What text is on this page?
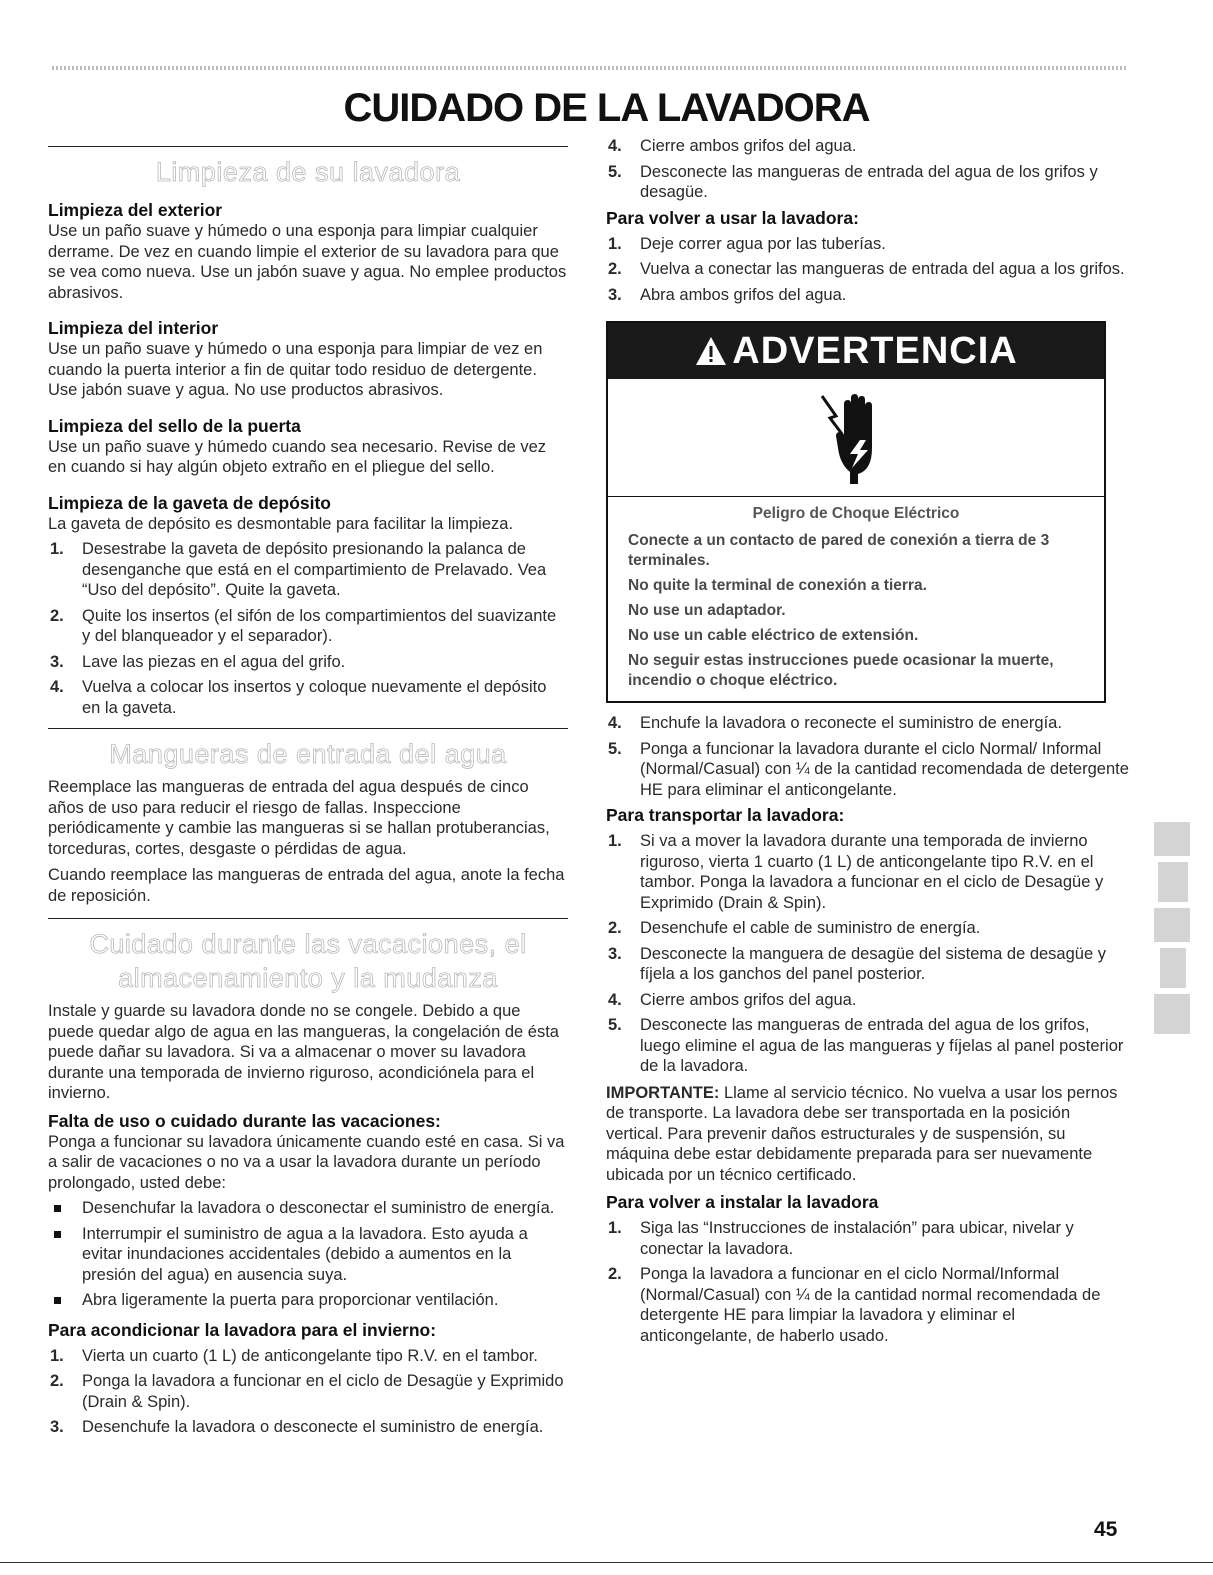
CUIDADO DE LA LAVADORA
Limpieza de su lavadora
Limpieza del exterior

Use un paño suave y húmedo o una esponja para limpiar cualquier derrame. De vez en cuando limpie el exterior de su lavadora para que se vea como nueva. Use un jabón suave y agua. No emplee productos abrasivos.

Limpieza del interior

Use un paño suave y húmedo o una esponja para limpiar de vez en cuando la puerta interior a fin de quitar todo residuo de detergente. Use jabón suave y agua. No use productos abrasivos.

Limpieza del sello de la puerta

Use un paño suave y húmedo cuando sea necesario. Revise de vez en cuando si hay algún objeto extraño en el pliegue del sello.

Limpieza de la gaveta de depósito

La gaveta de depósito es desmontable para facilitar la limpieza.

1. Desestrabe la gaveta de depósito presionando la palanca de desenganche que está en el compartimiento de Prelavado. Vea “Uso del depósito”. Quite la gaveta.
2. Quite los insertos (el sifón de los compartimientos del suavizante y del blanqueador y el separador).
3. Lave las piezas en el agua del grifo.
4. Vuelva a colocar los insertos y coloque nuevamente el depósito en la gaveta.
Mangueras de entrada del agua

Reemplace las mangueras de entrada del agua después de cinco años de uso para reducir el riesgo de fallas. Inspeccione periódicamente y cambie las mangueras si se hallan protuberancias, torceduras, cortes, desgaste o pérdidas de agua.

Cuando reemplace las mangueras de entrada del agua, anote la fecha de reposición.

Cuidado durante las vacaciones, el
almacenamiento y la mudanza

Instale y guarde su lavadora donde no se congele. Debido a que puede quedar algo de agua en las mangueras, la congelación de ésta puede dañar su lavadora. Si va a almacenar o mover su lavadora durante una temporada de invierno riguroso, acondiciónela para el invierno.

Falta de uso o cuidado durante las vacaciones:

Ponga a funcionar su lavadora únicamente cuando esté en casa. Si va a salir de vacaciones o no va a usar la lavadora durante un período prolongado, usted debe:

Desenchufar la lavadora o desconectar el suministro de energía.
Interrumpir el suministro de agua a la lavadora. Esto ayuda a evitar inundaciones accidentales (debido a aumentos en la presión del agua) en ausencia suya.
Abra ligeramente la puerta para proporcionar ventilación.
Para acondicionar la lavadora para el invierno:
1. Vierta un cuarto (1 L) de anticongelante tipo R.V. en el tambor.
2. Ponga la lavadora a funcionar en el ciclo de Desagüe y Exprimido (Drain & Spin).
3. Desenchufe la lavadora o desconecte el suministro de energía.
4. Cierre ambos grifos del agua.
5. Desconecte las mangueras de entrada del agua de los grifos y desagüe.
Para volver a usar la lavadora:
1. Deje correr agua por las tuberías.
2. Vuelva a conectar las mangueras de entrada del agua a los grifos.
3. Abra ambos grifos del agua.
ADVERTENCIA
Peligro de Choque Eléctrico
Conecte a un contacto de pared de conexión a tierra de 3 terminales.
No quite la terminal de conexión a tierra.
No use un adaptador.
No use un cable eléctrico de extensión.
No seguir estas instrucciones puede ocasionar la muerte, incendio o choque eléctrico.
4. Enchufe la lavadora o reconecte el suministro de energía.
5. Ponga a funcionar la lavadora durante el ciclo Normal/ Informal (Normal/Casual) con ¼ de la cantidad recomendada de detergente HE para eliminar el anticongelante.
Para transportar la lavadora:
1. Si va a mover la lavadora durante una temporada de invierno riguroso, vierta 1 cuarto (1 L) de anticongelante tipo R.V. en el tambor. Ponga la lavadora a funcionar en el ciclo de Desagüe y Exprimido (Drain & Spin).
2. Desenchufe el cable de suministro de energía.
3. Desconecte la manguera de desagüe del sistema de desagüe y fíjela a los ganchos del panel posterior.
4. Cierre ambos grifos del agua.
5. Desconecte las mangueras de entrada del agua de los grifos, luego elimine el agua de las mangueras y fíjelas al panel posterior de la lavadora.

IMPORTANTE: Llame al servicio técnico. No vuelva a usar los pernos de transporte. La lavadora debe ser transportada en la posición vertical. Para prevenir daños estructurales y de suspensión, su máquina debe estar debidamente preparada para ser nuevamente ubicada por un técnico certificado.

Para volver a instalar la lavadora
1. Siga las “Instrucciones de instalación” para ubicar, nivelar y conectar la lavadora.
2. Ponga la lavadora a funcionar en el ciclo Normal/Informal (Normal/Casual) con ¼ de la cantidad normal recomendada de detergente HE para limpiar la lavadora y eliminar el anticongelante, de haberlo usado.
45
